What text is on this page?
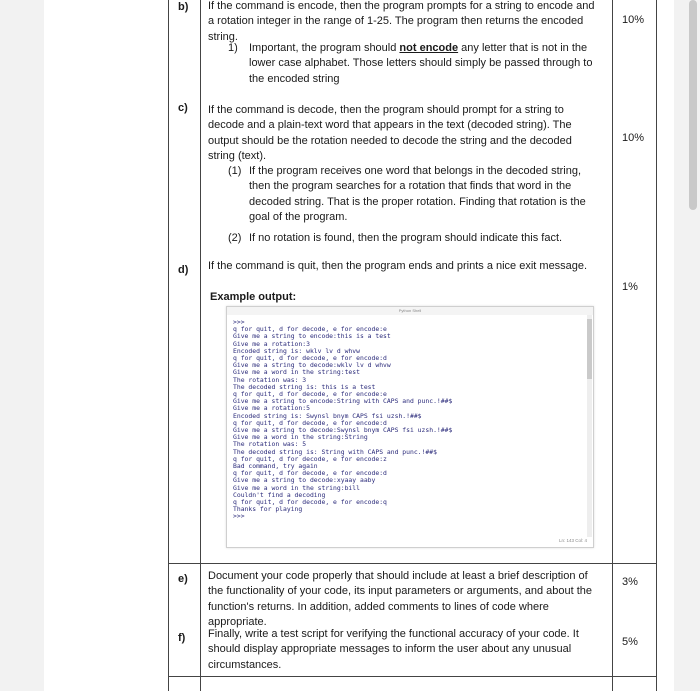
b)
10%
If the command is encode, then the program prompts for a string to encode and
a rotation integer in the range of 1-25. The program then returns the encoded
string.
1) Important, the program should not encode any letter that is not in the
lower case alphabet. Those letters should simply be passed through to
the encoded string
c)
10%
If the command is decode, then the program should prompt for a string to
decode and a plain-text word that appears in the text (decoded string). The
output should be the rotation needed to decode the string and the decoded
string (text).
(1) If the program receives one word that belongs in the decoded string,
then the program searches for a rotation that finds that word in the
decoded string. That is the proper rotation. Finding that rotation is the
goal of the program.
(2) If no rotation is found, then the program should indicate this fact.
d)
1%
If the command is quit, then the program ends and prints a nice exit message.
Example output:
Python Shell
>>>
q for quit, d for decode, e for encode:e
Give me a string to encode:this is a test
Give me a rotation:3
Encoded string is: wklv lv d whvw
q for quit, d for decode, e for encode:d
Give me a string to decode:wklv lv d whvw
Give me a word in the string:test
The rotation was: 3
The decoded string is: this is a test
q for quit, d for decode, e for encode:e
Give me a string to encode:String with CAPS and punc.!##$
Give me a rotation:5
Encoded string is: Swynsl bnym CAPS fsi uzsh.!##$
q for quit, d for decode, e for encode:d
Give me a string to decode:Swynsl bnym CAPS fsi uzsh.!##$
Give me a word in the string:String
The rotation was: 5
The decoded string is: String with CAPS and punc.!##$
q for quit, d for decode, e for encode:z
Bad command, try again
q for quit, d for decode, e for encode:d
Give me a string to decode:xyaay aaby
Give me a word in the string:bill
Couldn't find a decoding
q for quit, d for decode, e for encode:q
Thanks for playing
>>>
Ln: 143 Col: 4
e)	3%
Document your code properly that should include at least a brief description of
the functionality of your code, its input parameters or arguments, and about the
function's returns. In addition, added comments to lines of code where
appropriate.
f)	5%
Finally, write a test script for verifying the functional accuracy of your code. It
should display appropriate messages to inform the user about any unusual
circumstances.
